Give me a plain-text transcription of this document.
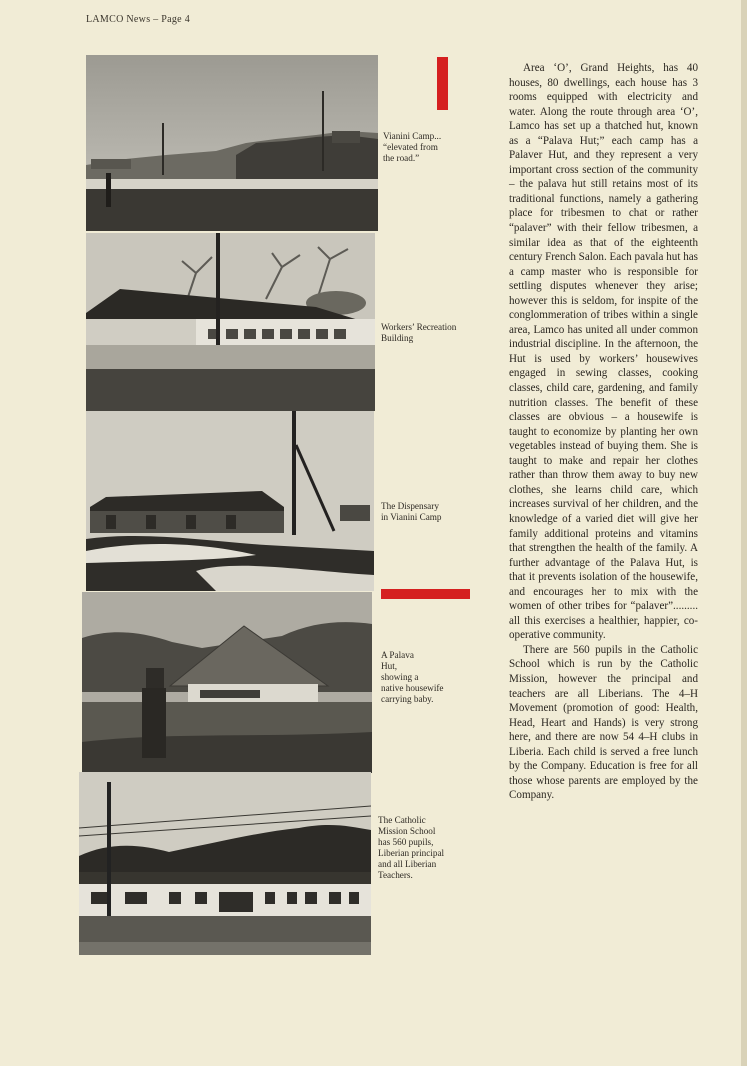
LAMCO News – Page 4
Vianini Camp...
“elevated from
the road.”
Workers’ Recreation
Building
The Dispensary
in Vianini Camp
A Palava
Hut,
showing a
native housewife
carrying baby.
The Catholic
Mission School
has 560 pupils,
Liberian principal
and all Liberian
Teachers.

Area ‘O’, Grand Heights, has 40 houses, 80 dwellings, each house has 3 rooms equipped with electricity and water. Along the route through area ‘O’, Lamco has set up a thatched hut, known as a “Palava Hut;” each camp has a Palaver Hut, and they represent a very important cross section of the community – the palava hut still retains most of its traditional functions, namely a gathering place for tribesmen to chat or rather “palaver” with their fellow tribesmen, a similar idea as that of the eighteenth century French Salon. Each pavala hut has a camp master who is responsible for settling disputes whenever they arise; however this is seldom, for inspite of the conglommeration of tribes within a single area, Lamco has united all under common industrial discipline. In the afternoon, the Hut is used by workers’ housewives engaged in sewing classes, cooking classes, child care, gardening, and family nutrition classes. The benefit of these classes are obvious – a housewife is taught to economize by planting her own vegetables instead of buying them. She is taught to make and repair her clothes rather than throw them away to buy new clothes, she learns child care, which increases survival of her children, and the knowledge of a varied diet will give her family additional proteins and vitamins that strengthen the health of the family. A further advantage of the Palava Hut, is that it prevents isolation of the housewife, and encourages her to mix with the women of other tribes for “palaver”......... all this exercises a healthier, happier, co-operative community.

There are 560 pupils in the Catholic School which is run by the Catholic Mission, however the principal and teachers are all Liberians. The 4–H Movement (promotion of good: Health, Head, Heart and Hands) is very strong here, and there are now 54 4–H clubs in Liberia. Each child is served a free lunch by the Company. Education is free for all those whose parents are employed by the Company.
